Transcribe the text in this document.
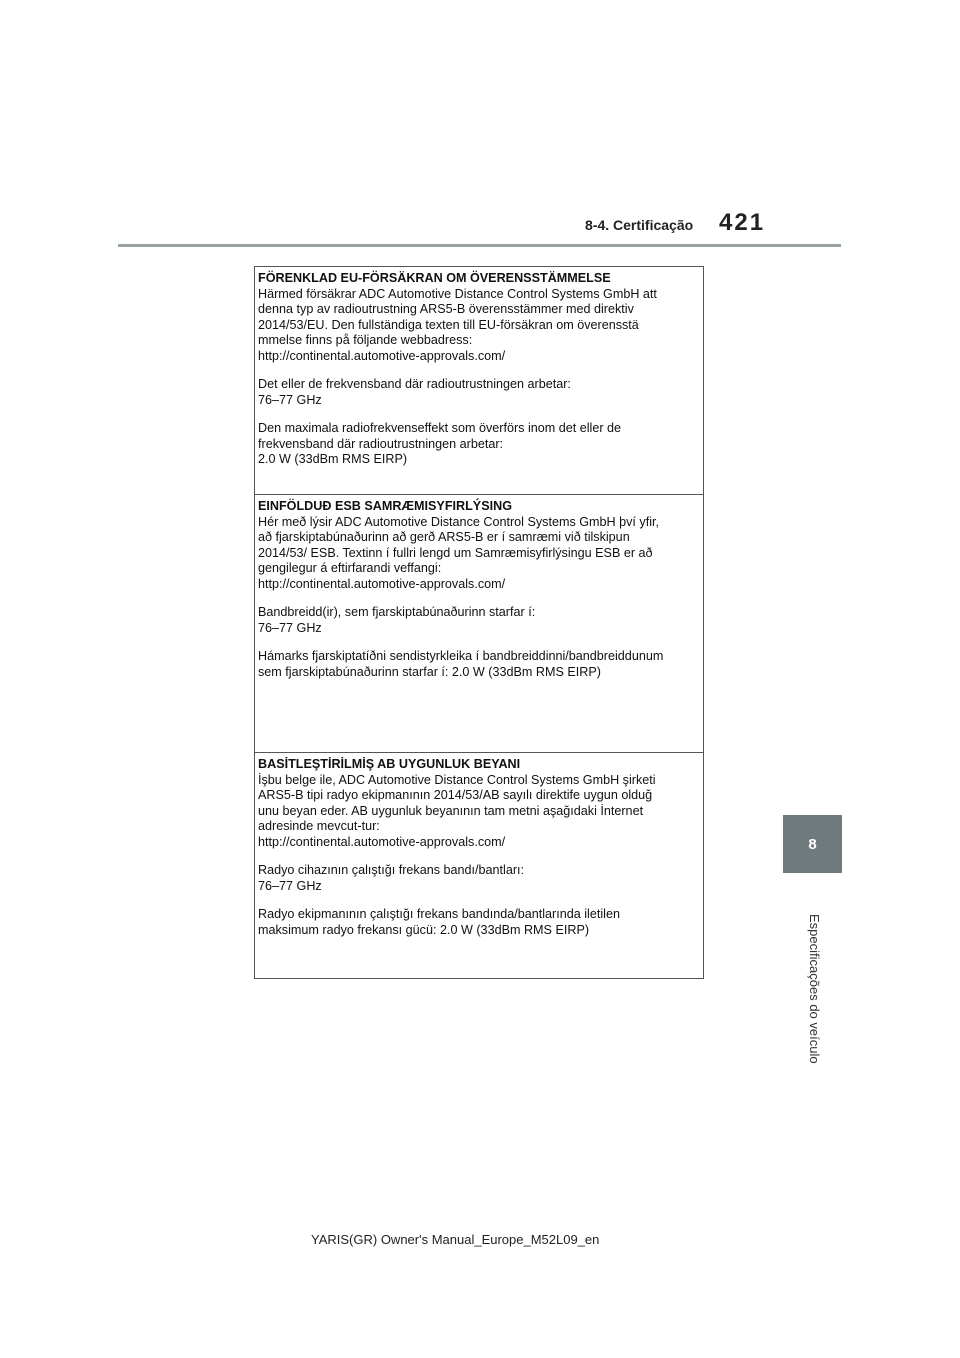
8-4. Certificação 421
8
Especificações do veículo
FÖRENKLAD EU-FÖRSÄKRAN OM ÖVERENSSTÄMMELSE
Härmed försäkrar ADC Automotive Distance Control Systems GmbH att
denna typ av radioutrustning ARS5-B överensstämmer med direktiv
2014/53/EU. Den fullständiga texten till EU-försäkran om överensstä
mmelse finns på följande webbadress:
http://continental.automotive-approvals.com/
Det eller de frekvensband där radioutrustningen arbetar:
76–77 GHz
Den maximala radiofrekvenseffekt som överförs inom det eller de
frekvensband där radioutrustningen arbetar:
2.0 W (33dBm RMS EIRP)
EINFÖLDUÐ ESB SAMRÆMISYFIRLÝSING
Hér með lýsir ADC Automotive Distance Control Systems GmbH því yfir,
að fjarskiptabúnaðurinn að gerð ARS5-B er í samræmi við tilskipun
2014/53/ ESB. Textinn í fullri lengd um Samræmisyfirlýsingu ESB er að
gengilegur á eftirfarandi veffangi:
http://continental.automotive-approvals.com/
Bandbreidd(ir), sem fjarskiptabúnaðurinn starfar í:
76–77 GHz
Hámarks fjarskiptatíðni sendistyrkleika í bandbreiddinni/bandbreiddunum
sem fjarskiptabúnaðurinn starfar í: 2.0 W (33dBm RMS EIRP)
BASİTLEŞTİRİLMİŞ AB UYGUNLUK BEYANI
İşbu belge ile, ADC Automotive Distance Control Systems GmbH şirketi
ARS5-B tipi radyo ekipmanının 2014/53/AB sayılı direktife uygun olduğ
unu beyan eder. AB uygunluk beyanının tam metni aşağıdaki İnternet
adresinde mevcut-tur:
http://continental.automotive-approvals.com/
Radyo cihazının çalıştığı frekans bandı/bantları:
76–77 GHz
Radyo ekipmanının çalıştığı frekans bandında/bantlarında iletilen
maksimum radyo frekansı gücü: 2.0 W (33dBm RMS EIRP)
YARIS(GR) Owner's Manual_Europe_M52L09_en
